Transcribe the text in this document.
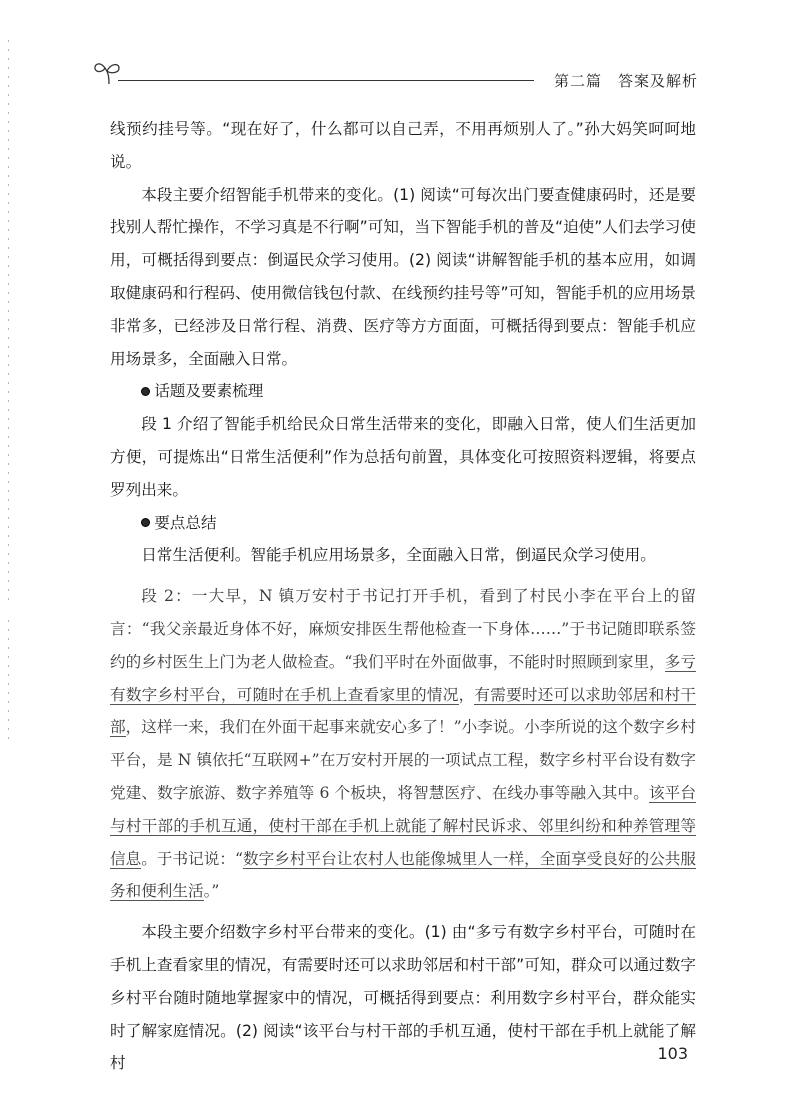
第二篇　答案及解析

线预约挂号等。“现在好了，什么都可以自己弄，不用再烦别人了。”孙大妈笑呵呵地说。

本段主要介绍智能手机带来的变化。(1) 阅读“可每次出门要查健康码时，还是要找别人帮忙操作，不学习真是不行啊”可知，当下智能手机的普及“迫使”人们去学习使用，可概括得到要点：倒逼民众学习使用。(2) 阅读“讲解智能手机的基本应用，如调取健康码和行程码、使用微信钱包付款、在线预约挂号等”可知，智能手机的应用场景非常多，已经涉及日常行程、消费、医疗等方方面面，可概括得到要点：智能手机应用场景多，全面融入日常。

话题及要素梳理

段 1 介绍了智能手机给民众日常生活带来的变化，即融入日常，使人们生活更加方便，可提炼出“日常生活便利”作为总括句前置，具体变化可按照资料逻辑，将要点罗列出来。

要点总结

日常生活便利。智能手机应用场景多，全面融入日常，倒逼民众学习使用。

段 2：一大早，N 镇万安村于书记打开手机，看到了村民小李在平台上的留言：“我父亲最近身体不好，麻烦安排医生帮他检查一下身体……”于书记随即联系签约的乡村医生上门为老人做检查。“我们平时在外面做事，不能时时照顾到家里，多亏有数字乡村平台，可随时在手机上查看家里的情况，有需要时还可以求助邻居和村干部，这样一来，我们在外面干起事来就安心多了！”小李说。小李所说的这个数字乡村平台，是 N 镇依托“互联网+”在万安村开展的一项试点工程，数字乡村平台设有数字党建、数字旅游、数字养殖等 6 个板块，将智慧医疗、在线办事等融入其中。该平台与村干部的手机互通，使村干部在手机上就能了解村民诉求、邻里纠纷和种养管理等信息。于书记说：“数字乡村平台让农村人也能像城里人一样，全面享受良好的公共服务和便利生活。”

本段主要介绍数字乡村平台带来的变化。(1) 由“多亏有数字乡村平台，可随时在手机上查看家里的情况，有需要时还可以求助邻居和村干部”可知，群众可以通过数字乡村平台随时随地掌握家中的情况，可概括得到要点：利用数字乡村平台，群众能实时了解家庭情况。(2) 阅读“该平台与村干部的手机互通，使村干部在手机上就能了解村

103
